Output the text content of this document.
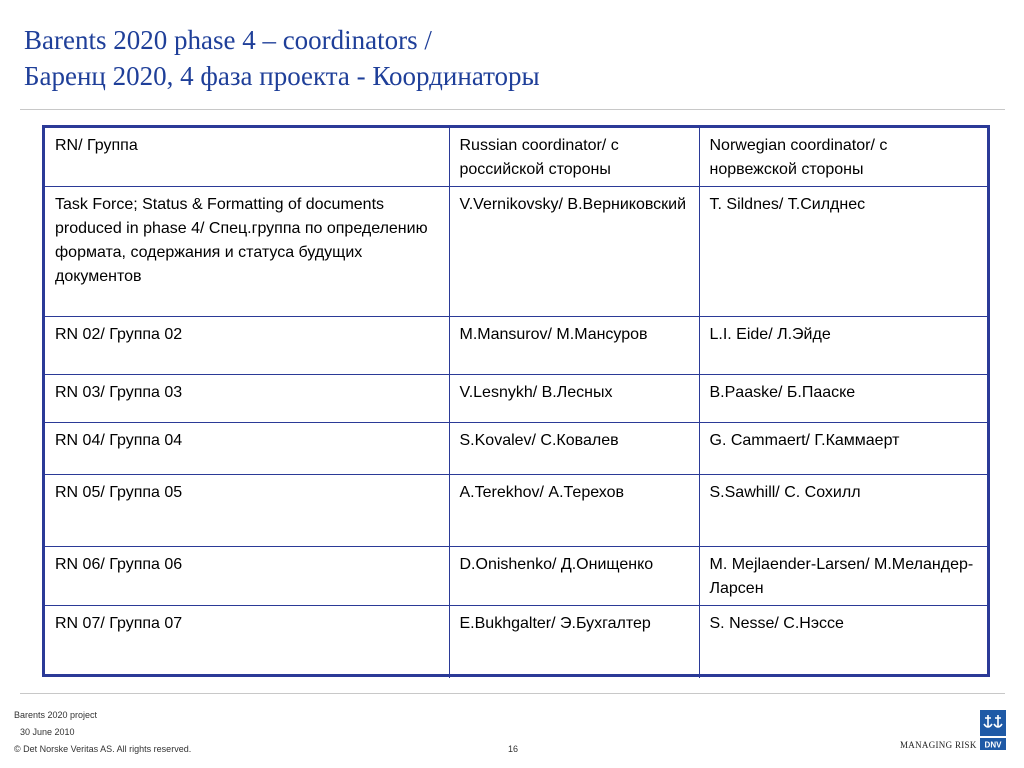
Barents 2020 phase 4 – coordinators /
Баренц 2020, 4 фаза проекта - Координаторы
RN/ Группа	Russian coordinator/ с российской стороны	Norwegian coordinator/ с норвежской стороны
Task Force; Status & Formatting of documents produced in phase 4/ Спец.группа по определению формата, содержания и статуса будущих документов	V.Vernikovsky/ В.Верниковский	T. Sildnes/ Т.Силднес
RN 02/ Группа 02	M.Mansurov/ М.Мансуров	L.I. Eide/ Л.Эйде
RN 03/ Группа 03	V.Lesnykh/ В.Лесных	B.Paaske/ Б.Пааске
RN 04/ Группа 04	S.Kovalev/ С.Ковалев	G. Cammaert/ Г.Каммаерт
RN 05/ Группа 05	A.Terekhov/ А.Терехов	S.Sawhill/ С. Сохилл
RN 06/ Группа 06	D.Onishenko/ Д.Онищенко	M. Mejlaender-Larsen/ М.Меландер-Ларсен
RN 07/ Группа 07	E.Bukhgalter/ Э.Бухгалтер	S. Nesse/ С.Нэссе
Barents 2020 project
30 June 2010
© Det Norske Veritas AS. All rights reserved.	16	MANAGING RISK DNV
